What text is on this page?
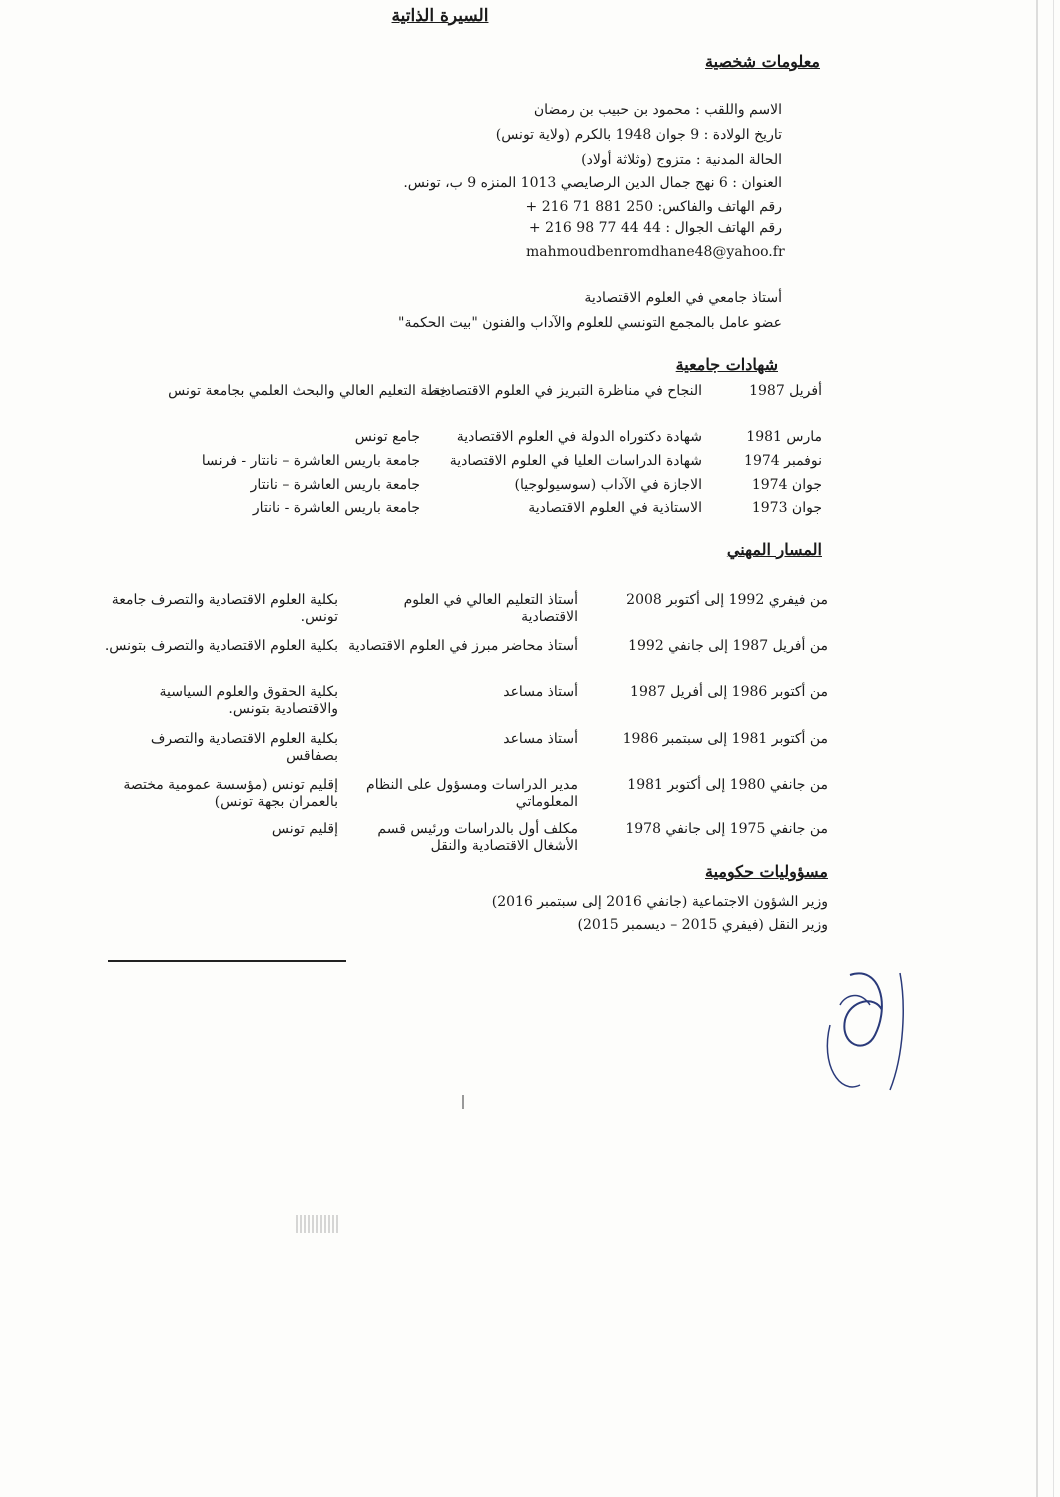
السيرة الذاتية
معلومات شخصية
الاسم واللقب : محمود بن حبيب بن رمضان
تاريخ الولادة : 9 جوان 1948 بالكرم (ولاية تونس)
الحالة المدنية : متزوج (وثلاثة أولاد)
العنوان : 6 نهج جمال الدين الرصايصي 1013 المنزه 9 ب، تونس.
رقم الهاتف والفاكس: 250 881 71 216 +
رقم الهاتف الجوال : 44 44 77 98 216 +
mahmoudbenromdhane48@yahoo.fr
أستاذ جامعي في العلوم الاقتصادية
عضو عامل بالمجمع التونسي للعلوم والآداب والفنون "بيت الحكمة"
شهادات جامعية
أفريل 1987
النجاح في مناظرة التبريز في العلوم الاقتصادية
خطة التعليم العالي والبحث العلمي بجامعة تونس
مارس 1981
شهادة دكتوراه الدولة في العلوم الاقتصادية
جامع تونس
نوفمبر 1974
شهادة الدراسات العليا في العلوم الاقتصادية
جامعة باريس العاشرة – نانتار - فرنسا
جوان 1974
الاجازة في الآداب (سوسيولوجيا)
جامعة باريس العاشرة – نانتار
جوان 1973
الاستاذية في العلوم الاقتصادية
جامعة باريس العاشرة - نانتار
المسار المهني
من فيفري 1992 إلى أكتوبر 2008
أستاذ التعليم العالي في العلوم الاقتصادية
بكلية العلوم الاقتصادية والتصرف جامعة تونس.
من أفريل 1987 إلى جانفي 1992
أستاذ محاضر مبرز في العلوم الاقتصادية
بكلية العلوم الاقتصادية والتصرف بتونس.
من أكتوبر 1986 إلى أفريل 1987
أستاذ مساعد
بكلية الحقوق والعلوم السياسية والاقتصادية بتونس.
من أكتوبر 1981 إلى سبتمبر 1986
أستاذ مساعد
بكلية العلوم الاقتصادية والتصرف بصفاقس
من جانفي 1980 إلى أكتوبر 1981
مدير الدراسات ومسؤول على النظام المعلوماتي
إقليم تونس (مؤسسة عمومية مختصة بالعمران بجهة تونس)
من جانفي 1975 إلى جانفي 1978
مكلف أول بالدراسات ورئيس قسم الأشغال الاقتصادية والنقل
إقليم تونس
مسؤوليات حكومية
وزير الشؤون الاجتماعية (جانفي 2016 إلى سبتمبر 2016)
وزير النقل (فيفري 2015 – ديسمبر 2015)
